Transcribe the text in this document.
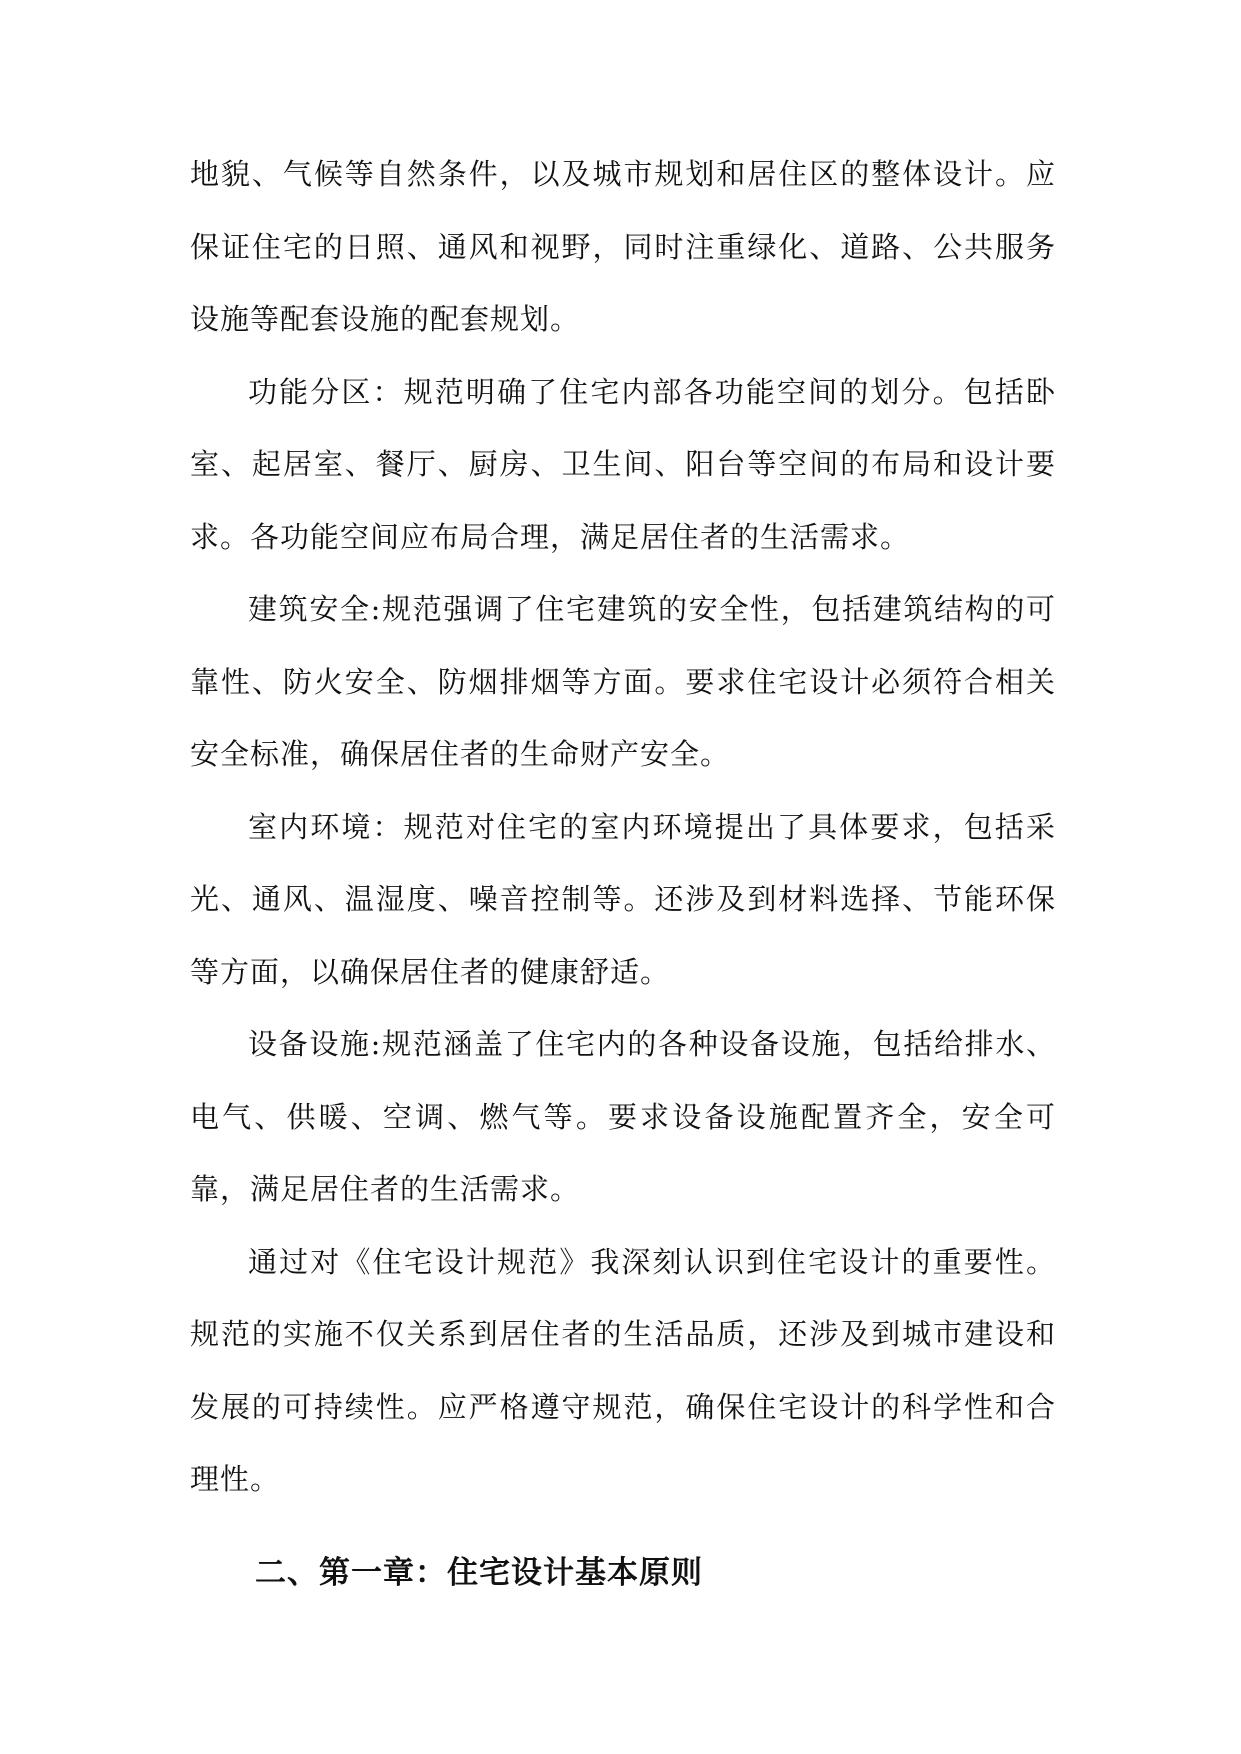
地貌、气候等自然条件，以及城市规划和居住区的整体设计。应保证住宅的日照、通风和视野，同时注重绿化、道路、公共服务设施等配套设施的配套规划。

功能分区：规范明确了住宅内部各功能空间的划分。包括卧室、起居室、餐厅、厨房、卫生间、阳台等空间的布局和设计要求。各功能空间应布局合理，满足居住者的生活需求。

建筑安全:规范强调了住宅建筑的安全性，包括建筑结构的可靠性、防火安全、防烟排烟等方面。要求住宅设计必须符合相关安全标准，确保居住者的生命财产安全。

室内环境：规范对住宅的室内环境提出了具体要求，包括采光、通风、温湿度、噪音控制等。还涉及到材料选择、节能环保等方面，以确保居住者的健康舒适。

设备设施:规范涵盖了住宅内的各种设备设施，包括给排水、电气、供暖、空调、燃气等。要求设备设施配置齐全，安全可靠，满足居住者的生活需求。

通过对《住宅设计规范》我深刻认识到住宅设计的重要性。规范的实施不仅关系到居住者的生活品质，还涉及到城市建设和发展的可持续性。应严格遵守规范，确保住宅设计的科学性和合理性。

二、第一章：住宅设计基本原则
